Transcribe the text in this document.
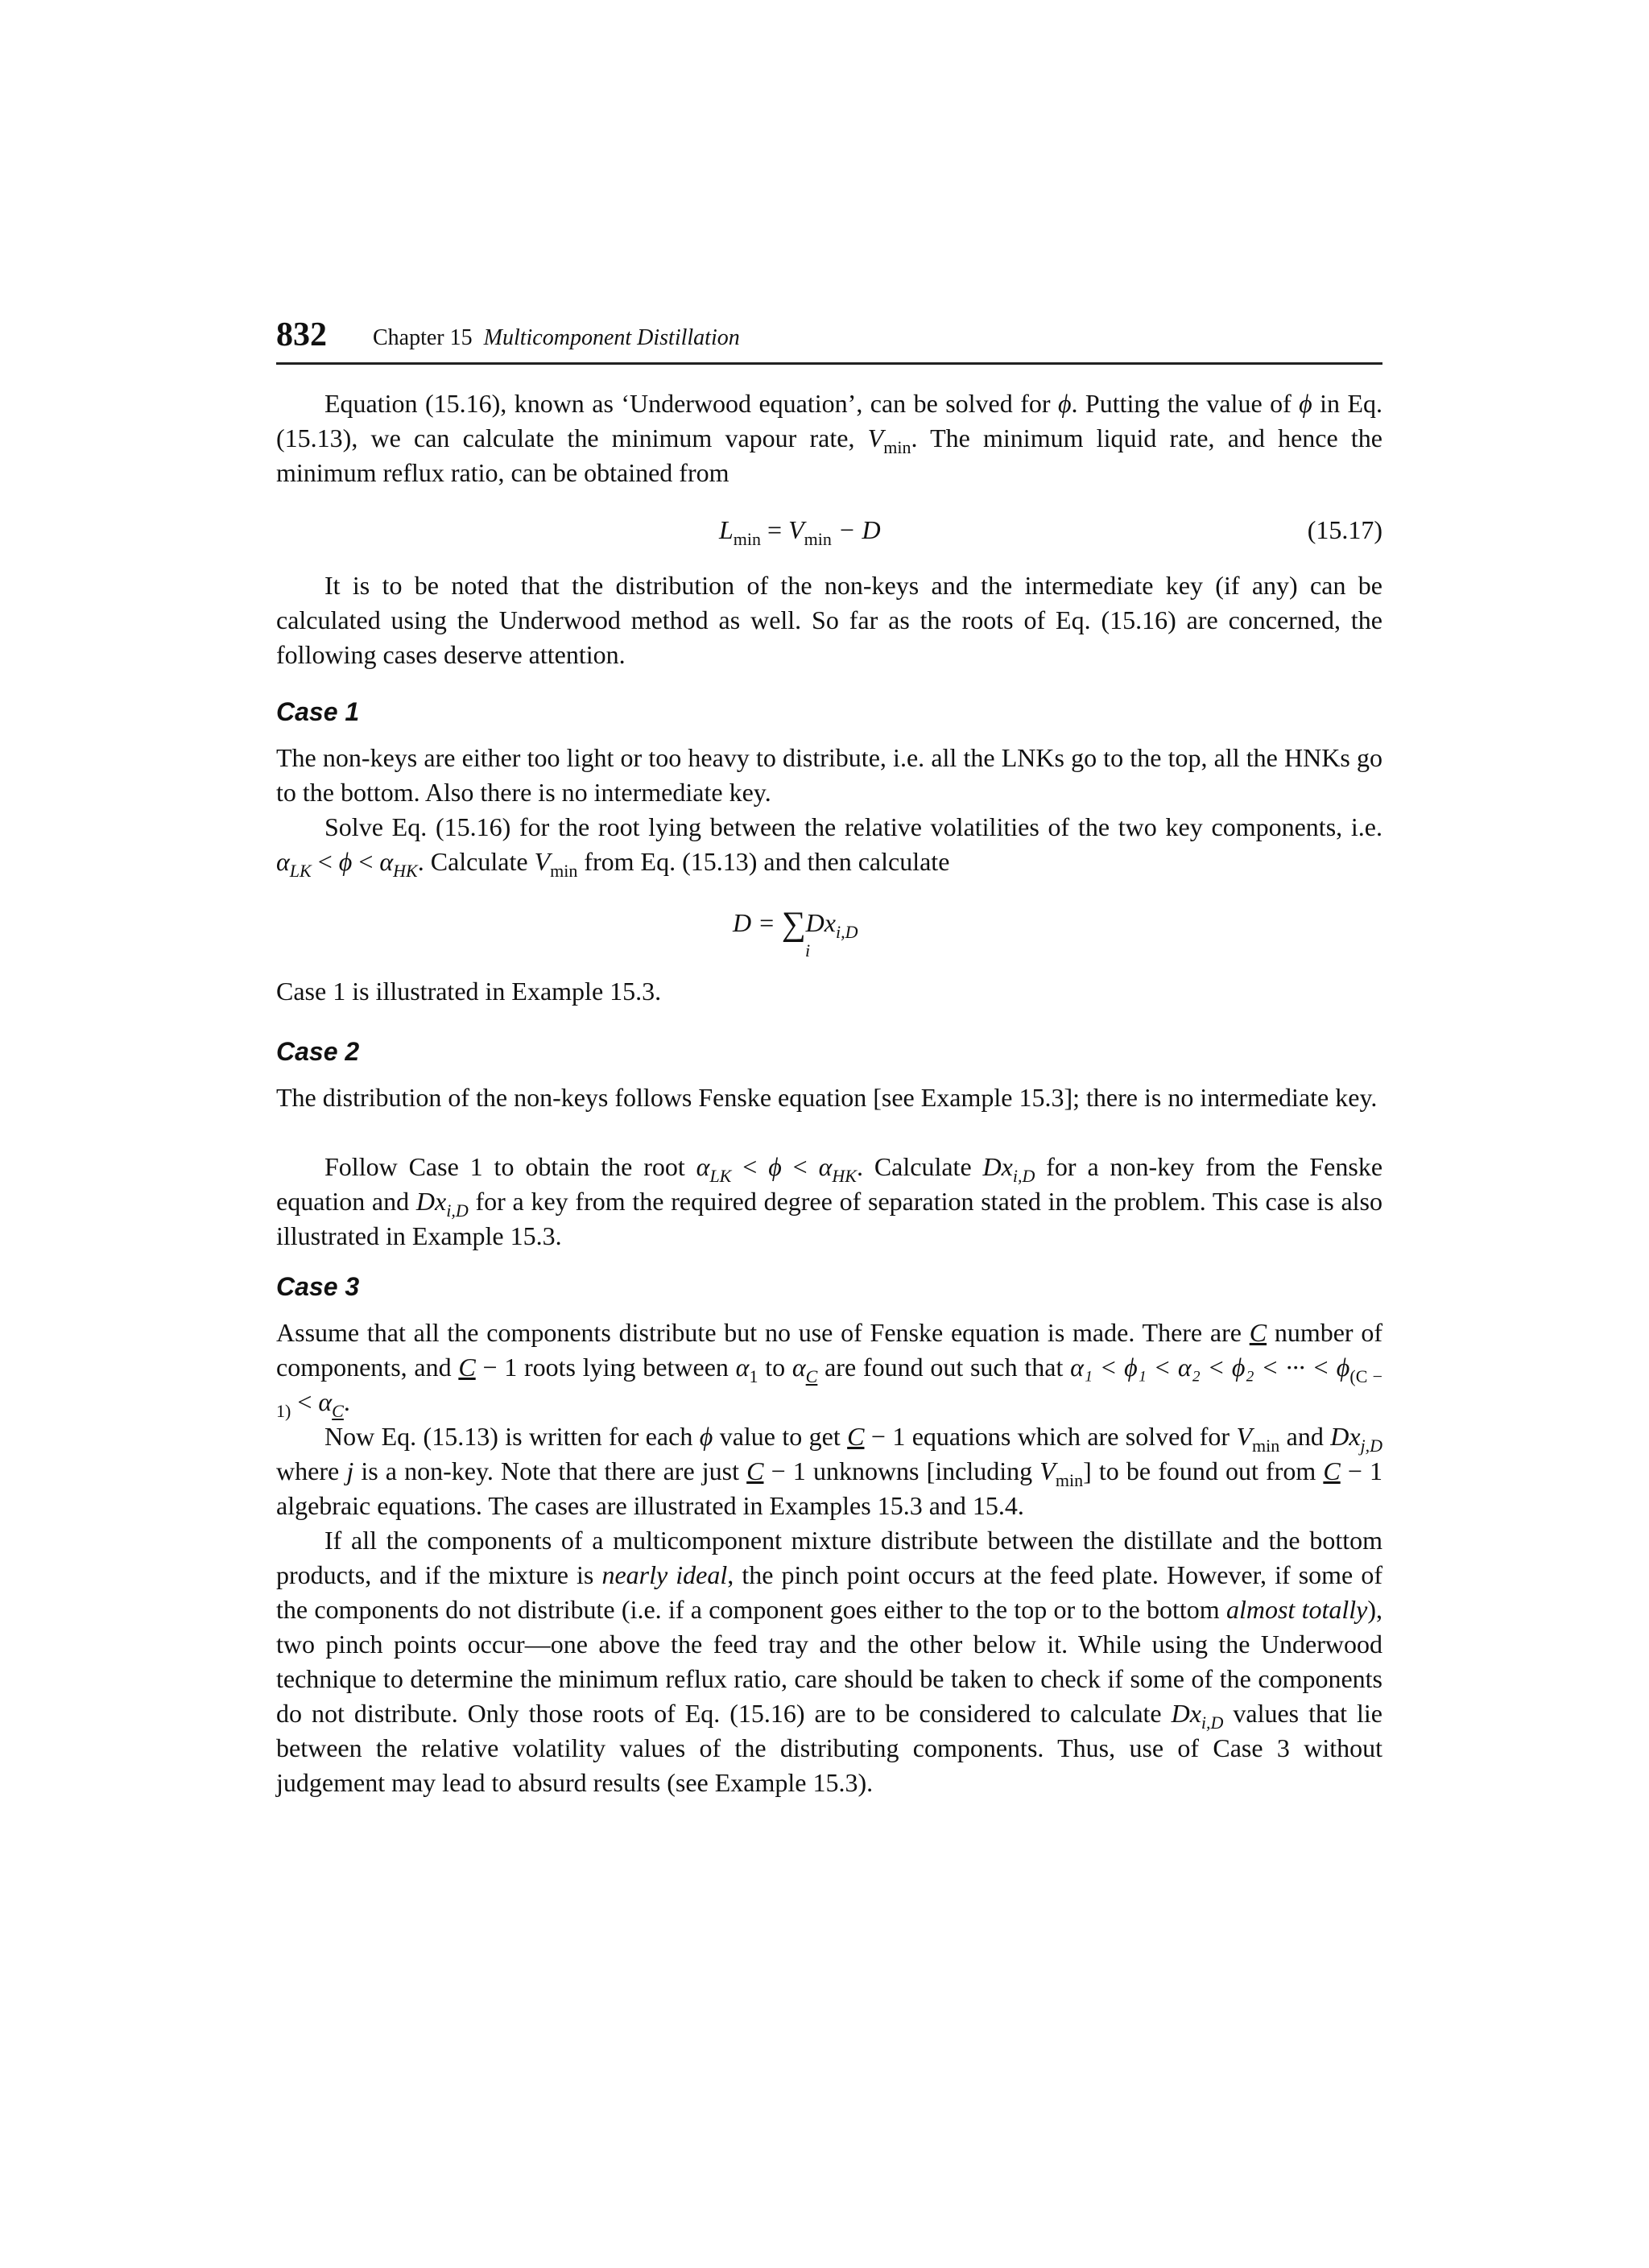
832 Chapter 15 Multicomponent Distillation
Equation (15.16), known as ‘Underwood equation’, can be solved for ϕ. Putting the value of ϕ in Eq. (15.13), we can calculate the minimum vapour rate, $V_{min}$. The minimum liquid rate, and hence the minimum reflux ratio, can be obtained from
$L_{min} = V_{min} - D$	(15.17)
It is to be noted that the distribution of the non-keys and the intermediate key (if any) can be calculated using the Underwood method as well. So far as the roots of Eq. (15.16) are concerned, the following cases deserve attention.
Case 1
The non-keys are either too light or too heavy to distribute, i.e. all the LNKs go to the top, all the HNKs go to the bottom. Also there is no intermediate key.
Solve Eq. (15.16) for the root lying between the relative volatilities of the two key components, i.e. $\alpha_{LK} < \phi < \alpha_{HK}$. Calculate $V_{min}$ from Eq. (15.13) and then calculate
$D = \sum Dx_{i,D}$
i
Case 1 is illustrated in Example 15.3.
Case 2
The distribution of the non-keys follows Fenske equation [see Example 15.3]; there is no intermediate key.
Follow Case 1 to obtain the root $\alpha_{LK} < \phi < \alpha_{HK}$. Calculate $Dx_{i,D}$ for a non-key from the Fenske equation and $Dx_{i,D}$ for a key from the required degree of separation stated in the problem. This case is also illustrated in Example 15.3.
Case 3
Assume that all the components distribute but no use of Fenske equation is made. There are C number of components, and C − 1 roots lying between $\alpha_1$ to $\alpha_C$ are found out such that α₁ < ϕ₁ < α₂ < ϕ₂ < ··· < $\phi_{(C - 1)} < \alpha_C$.
Now Eq. (15.13) is written for each ϕ value to get C − 1 equations which are solved for $V_{min}$ and $Dx_{j,D}$ where j is a non-key. Note that there are just C − 1 unknowns [including $V_{min}$] to be found out from C − 1 algebraic equations. The cases are illustrated in Examples 15.3 and 15.4.
If all the components of a multicomponent mixture distribute between the distillate and the bottom products, and if the mixture is nearly ideal, the pinch point occurs at the feed plate. However, if some of the components do not distribute (i.e. if a component goes either to the top or to the bottom almost totally), two pinch points occur—one above the feed tray and the other below it. While using the Underwood technique to determine the minimum reflux ratio, care should be taken to check if some of the components do not distribute. Only those roots of Eq. (15.16) are to be considered to calculate $Dx_{i,D}$ values that lie between the relative volatility values of the distributing components. Thus, use of Case 3 without judgement may lead to absurd results (see Example 15.3).
